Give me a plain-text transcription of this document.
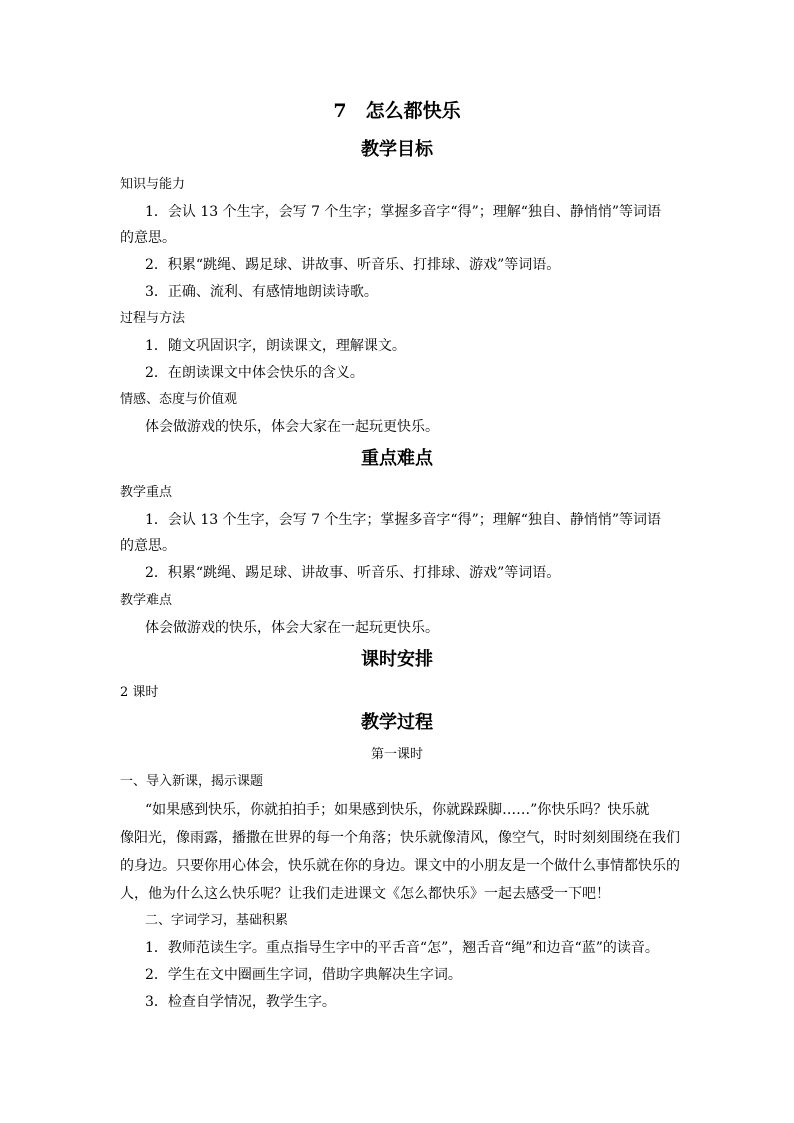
7　怎么都快乐
教学目标
知识与能力
1．会认 13 个生字，会写 7 个生字；掌握多音字“得”；理解“独自、静悄悄”等词语
的意思。
2．积累“跳绳、踢足球、讲故事、听音乐、打排球、游戏”等词语。
3．正确、流利、有感情地朗读诗歌。
过程与方法
1．随文巩固识字，朗读课文，理解课文。
2．在朗读课文中体会快乐的含义。
情感、态度与价值观
体会做游戏的快乐，体会大家在一起玩更快乐。
重点难点
教学重点
1．会认 13 个生字，会写 7 个生字；掌握多音字“得”；理解“独自、静悄悄”等词语
的意思。
2．积累“跳绳、踢足球、讲故事、听音乐、打排球、游戏”等词语。
教学难点
体会做游戏的快乐，体会大家在一起玩更快乐。
课时安排
2 课时
教学过程
第一课时
一、导入新课，揭示课题
“如果感到快乐，你就拍拍手；如果感到快乐，你就跺跺脚……”你快乐吗？快乐就
像阳光，像雨露，播撒在世界的每一个角落；快乐就像清风，像空气，时时刻刻围绕在我们
的身边。只要你用心体会，快乐就在你的身边。课文中的小朋友是一个做什么事情都快乐的
人，他为什么这么快乐呢？让我们走进课文《怎么都快乐》一起去感受一下吧！
二、字词学习，基础积累
1．教师范读生字。重点指导生字中的平舌音“怎”，翘舌音“绳”和边音“蓝”的读音。
2．学生在文中圈画生字词，借助字典解决生字词。
3．检查自学情况，教学生字。
